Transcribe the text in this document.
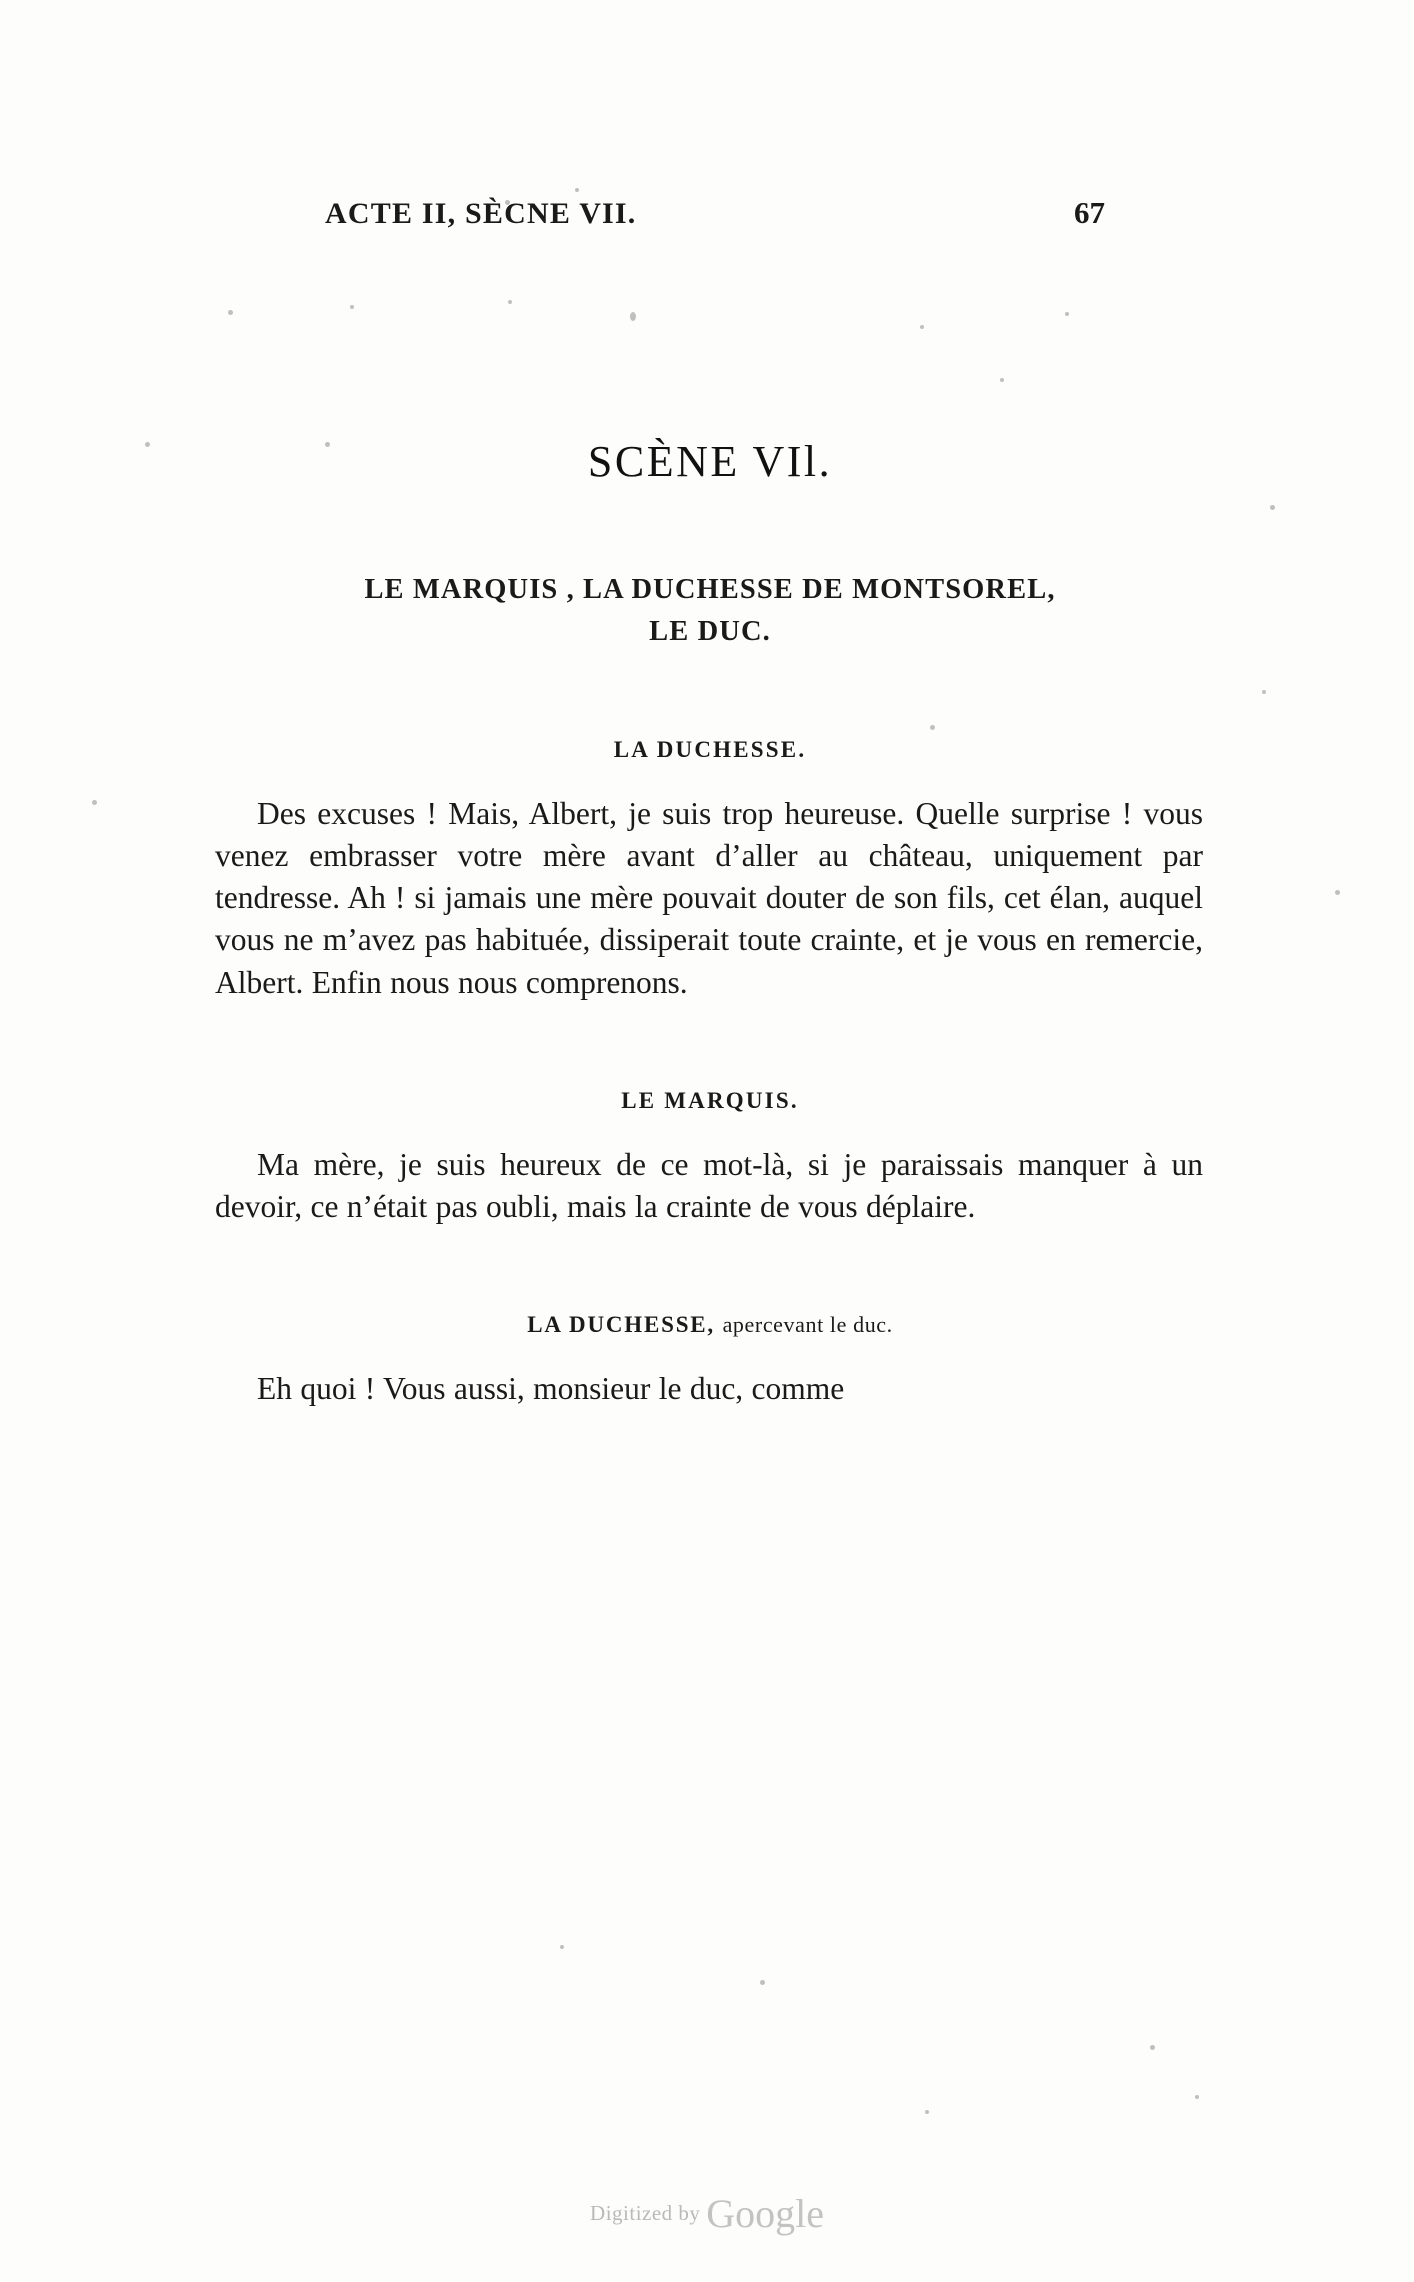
ACTE II, SÈCNE VII.	67
SCÈNE VIl.
LE MARQUIS , LA DUCHESSE DE MONTSOREL,
LE DUC.
LA DUCHESSE.
Des excuses ! Mais, Albert, je suis trop heureuse. Quelle surprise ! vous venez embrasser votre mère avant d’aller au château, uniquement par tendresse. Ah ! si jamais une mère pouvait douter de son fils, cet élan, auquel vous ne m’avez pas habituée, dissiperait toute crainte, et je vous en remercie, Albert. Enfin nous nous comprenons.
LE MARQUIS.
Ma mère, je suis heureux de ce mot-là, si je paraissais manquer à un devoir, ce n’était pas oubli, mais la crainte de vous déplaire.
LA DUCHESSE, apercevant le duc.
Eh quoi ! Vous aussi, monsieur le duc, comme
Digitized by Google
